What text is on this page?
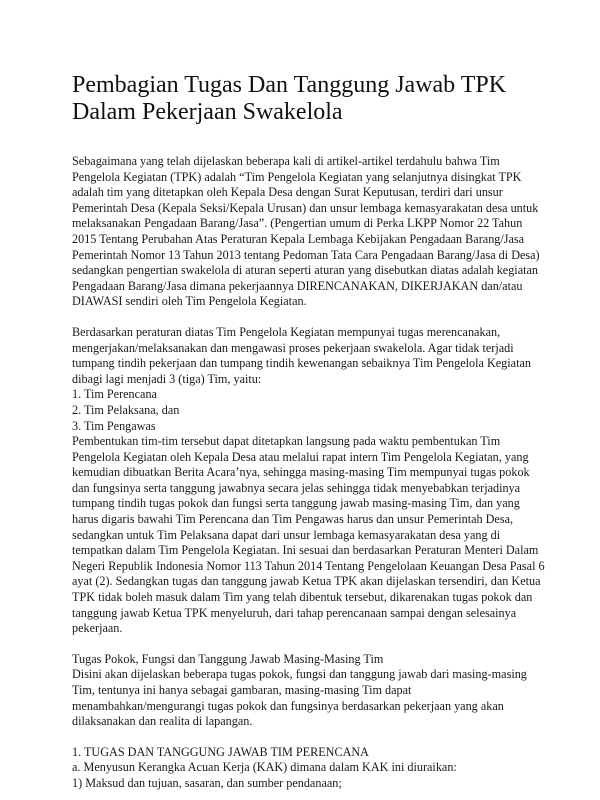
Pembagian Tugas Dan Tanggung Jawab TPK
Dalam Pekerjaan Swakelola
Sebagaimana yang telah dijelaskan beberapa kali di artikel-artikel terdahulu bahwa Tim
Pengelola Kegiatan (TPK) adalah “Tim Pengelola Kegiatan yang selanjutnya disingkat TPK
adalah tim yang ditetapkan oleh Kepala Desa dengan Surat Keputusan, terdiri dari unsur
Pemerintah Desa (Kepala Seksi/Kepala Urusan) dan unsur lembaga kemasyarakatan desa untuk
melaksanakan Pengadaan Barang/Jasa”. (Pengertian umum di Perka LKPP Nomor 22 Tahun
2015 Tentang Perubahan Atas Peraturan Kepala Lembaga Kebijakan Pengadaan Barang/Jasa
Pemerintah Nomor 13 Tahun 2013 tentang Pedoman Tata Cara Pengadaan Barang/Jasa di Desa)
sedangkan pengertian swakelola di aturan seperti aturan yang disebutkan diatas adalah kegiatan
Pengadaan Barang/Jasa dimana pekerjaannya DIRENCANAKAN, DIKERJAKAN dan/atau
DIAWASI sendiri oleh Tim Pengelola Kegiatan.
Berdasarkan peraturan diatas Tim Pengelola Kegiatan mempunyai tugas merencanakan,
mengerjakan/melaksanakan dan mengawasi proses pekerjaan swakelola. Agar tidak terjadi
tumpang tindih pekerjaan dan tumpang tindih kewenangan sebaiknya Tim Pengelola Kegiatan
dibagi lagi menjadi 3 (tiga) Tim, yaitu:
1. Tim Perencana
2. Tim Pelaksana, dan
3. Tim Pengawas
Pembentukan tim-tim tersebut dapat ditetapkan langsung pada waktu pembentukan Tim
Pengelola Kegiatan oleh Kepala Desa atau melalui rapat intern Tim Pengelola Kegiatan, yang
kemudian dibuatkan Berita Acara’nya, sehingga masing-masing Tim mempunyai tugas pokok
dan fungsinya serta tanggung jawabnya secara jelas sehingga tidak menyebabkan terjadinya
tumpang tindih tugas pokok dan fungsi serta tanggung jawab masing-masing Tim, dan yang
harus digaris bawahi Tim Perencana dan Tim Pengawas harus dan unsur Pemerintah Desa,
sedangkan untuk Tim Pelaksana dapat dari unsur lembaga kemasyarakatan desa yang di
tempatkan dalam Tim Pengelola Kegiatan. Ini sesuai dan berdasarkan Peraturan Menteri Dalam
Negeri Republik Indonesia Nomor 113 Tahun 2014 Tentang Pengelolaan Keuangan Desa Pasal 6
ayat (2). Sedangkan tugas dan tanggung jawab Ketua TPK akan dijelaskan tersendiri, dan Ketua
TPK tidak boleh masuk dalam Tim yang telah dibentuk tersebut, dikarenakan tugas pokok dan
tanggung jawab Ketua TPK menyeluruh, dari tahap perencanaan sampai dengan selesainya
pekerjaan.
Tugas Pokok, Fungsi dan Tanggung Jawab Masing-Masing Tim
Disini akan dijelaskan beberapa tugas pokok, fungsi dan tanggung jawab dari masing-masing
Tim, tentunya ini hanya sebagai gambaran, masing-masing Tim dapat
menambahkan/mengurangi tugas pokok dan fungsinya berdasarkan pekerjaan yang akan
dilaksanakan dan realita di lapangan.
1. TUGAS DAN TANGGUNG JAWAB TIM PERENCANA
a. Menyusun Kerangka Acuan Kerja (KAK) dimana dalam KAK ini diuraikan:
1) Maksud dan tujuan, sasaran, dan sumber pendanaan;
